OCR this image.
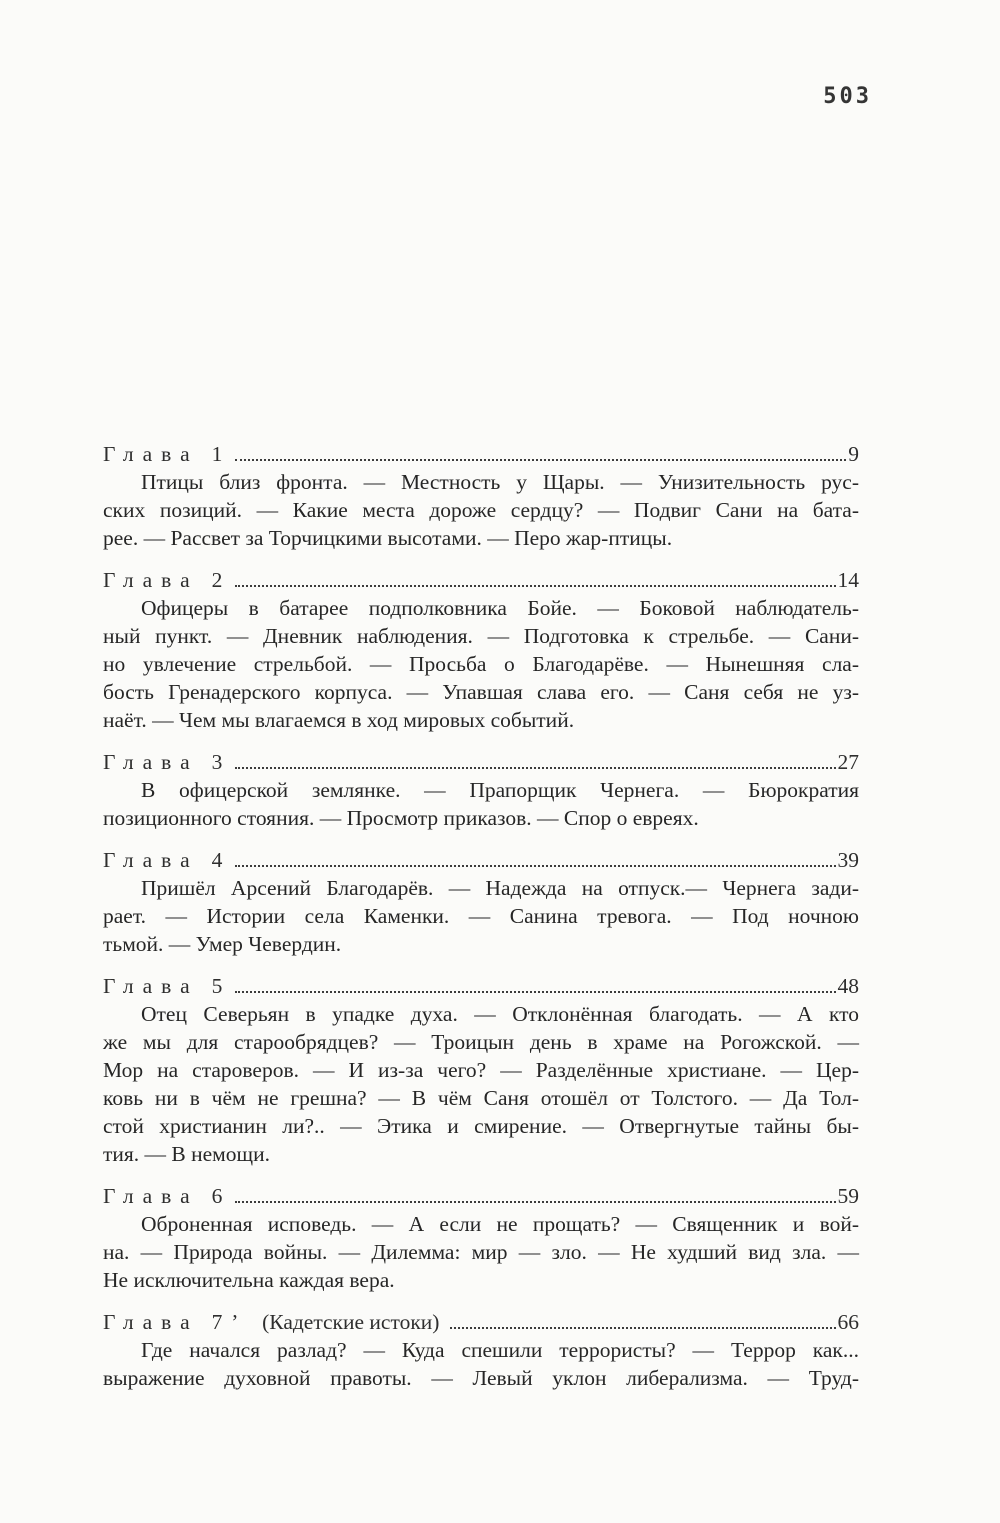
503
Глава 1	9
Птицы близ фронта. — Местность у Щары. — Унизительность рус-
ских позиций. — Какие места дороже сердцу? — Подвиг Сани на бата-
рее. — Рассвет за Торчицкими высотами. — Перо жар-птицы.
Глава 2	14
Офицеры в батарее подполковника Бойе. — Боковой наблюдатель-
ный пункт. — Дневник наблюдения. — Подготовка к стрельбе. — Сани-
но увлечение стрельбой. — Просьба о Благодарёве. — Нынешняя сла-
бость Гренадерского корпуса. — Упавшая слава его. — Саня себя не уз-
наёт. — Чем мы влагаемся в ход мировых событий.
Глава 3	27
В офицерской землянке. — Прапорщик Чернега. — Бюрократия
позиционного стояния. — Просмотр приказов. — Спор о евреях.
Глава 4	39
Пришёл Арсений Благодарёв. — Надежда на отпуск.— Чернега зади-
рает. — Истории села Каменки. — Санина тревога. — Под ночною
тьмой. — Умер Чевердин.
Глава 5	48
Отец Северьян в упадке духа. — Отклонённая благодать. — А кто
же мы для старообрядцев? — Троицын день в храме на Рогожской. —
Мор на староверов. — И из-за чего? — Разделённые христиане. — Цер-
ковь ни в чём не грешна? — В чём Саня отошёл от Толстого. — Да Тол-
стой христианин ли?.. — Этика и смирение. — Отвергнутые тайны бы-
тия. — В немощи.
Глава 6	59
Оброненная исповедь. — А если не прощать? — Священник и вой-
на. — Природа войны. — Дилемма: мир — зло. — Не худший вид зла. —
Не исключительна каждая вера.
Глава 7 ’ (Кадетские истоки)	66
Где начался разлад? — Куда спешили террористы? — Террор как...
выражение духовной правоты. — Левый уклон либерализма. — Труд-
